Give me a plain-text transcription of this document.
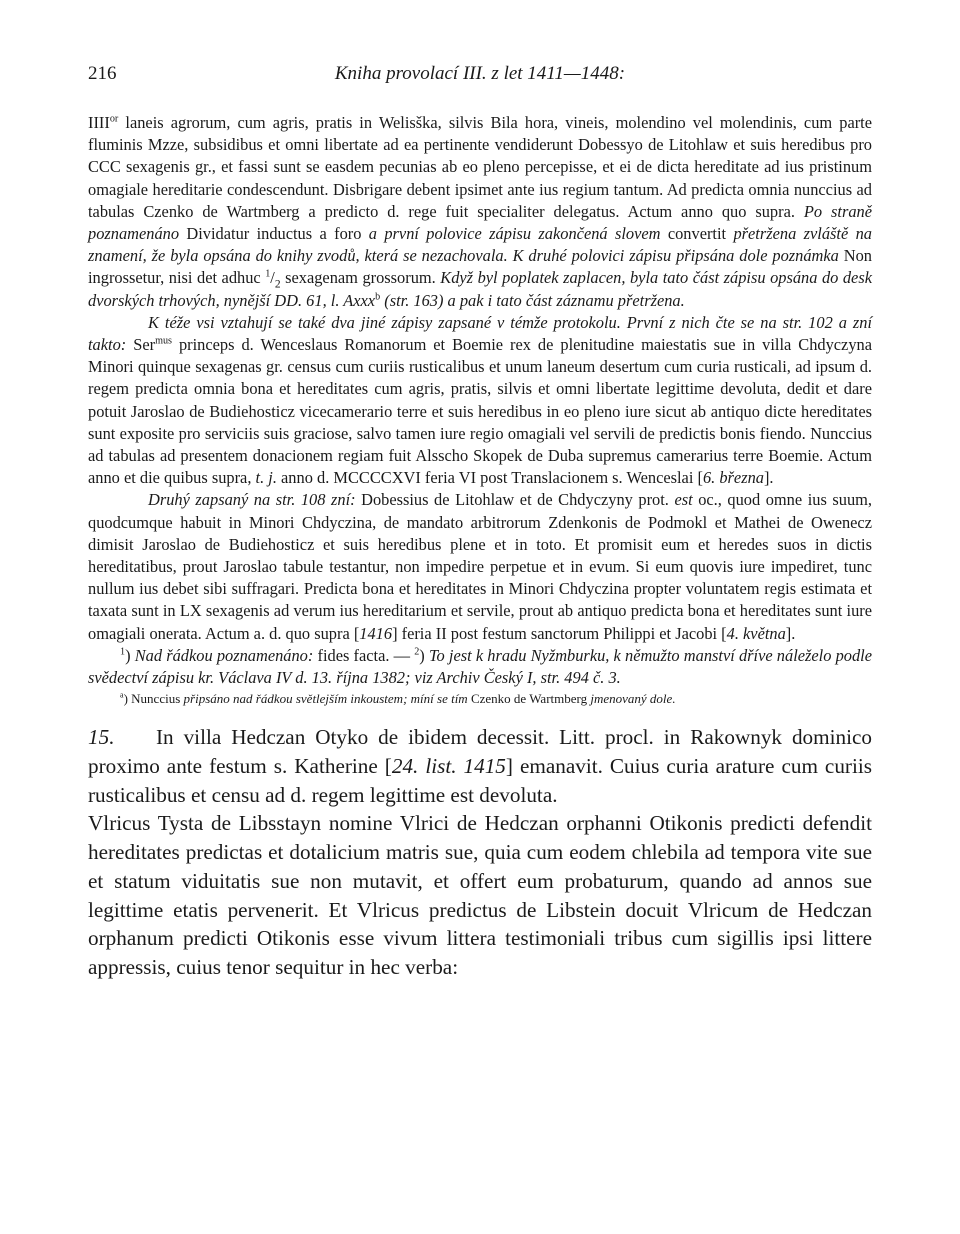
216	Kniha provolací III. z let 1411—1448:

$IIII^{or}$ laneis agrorum, cum agris, pratis in Welisška, silvis Bila hora, vineis, molendino vel molendinis, cum parte fluminis Mzze, subsidibus et omni libertate ad ea pertinente vendiderunt Dobessyo de Litohlaw et suis heredibus pro CCC sexagenis gr., et fassi sunt se easdem pecunias ab eo pleno percepisse, et ei de dicta hereditate ad ius pristinum omagiale hereditarie condescendunt. Disbrigare debent ipsimet ante ius regium tantum. Ad predicta omnia nunccius ad tabulas Czenko de Wartmberg a predicto d. rege fuit specialiter delegatus. Actum anno quo supra. Po straně poznamenáno Dividatur inductus a foro a první polovice zápisu zakončená slovem convertit přetržena zvláště na znamení, že byla opsána do knihy zvodů, která se nezachovala. K druhé polovici zápisu připsána dole poznámka Non ingrossetur, nisi det adhuc $^1/_2$ sexagenam grossorum. Když byl poplatek zaplacen, byla tato část zápisu opsána do desk dvorských trhových, nynější DD. 61, l. Axxx$^b$ (str. 163) a pak i tato část záznamu přetržena.

K téže vsi vztahují se také dva jiné zápisy zapsané v témže protokolu. První z nich čte se na str. 102 a zní takto: Ser$^{mus}$ princeps d. Wenceslaus Romanorum et Boemie rex de plenitudine maiestatis sue in villa Chdyczyna Minori quinque sexagenas gr. census cum curiis rusticalibus et unum laneum desertum cum curia rusticali, ad ipsum d. regem predicta omnia bona et hereditates cum agris, pratis, silvis et omni libertate legittime devoluta, dedit et dare potuit Jaroslao de Budiehosticz vicecamerario terre et suis heredibus in eo pleno iure sicut ab antiquo dicte hereditates sunt exposite pro serviciis suis graciose, salvo tamen iure regio omagiali vel servili de predictis bonis fiendo. Nunccius ad tabulas ad presentem donacionem regiam fuit Alsscho Skopek de Duba supremus camerarius terre Boemie. Actum anno et die quibus supra, t. j. anno d. MCCCCXVI feria VI post Translacionem s. Wenceslai [6. března].

Druhý zapsaný na str. 108 zní: Dobessius de Litohlaw et de Chdyczyny prot. est oc., quod omne ius suum, quodcumque habuit in Minori Chdyczina, de mandato arbitrorum Zdenkonis de Podmokl et Mathei de Owenecz dimisit Jaroslao de Budiehosticz et suis heredibus plene et in toto. Et promisit eum et heredes suos in dictis hereditatibus, prout Jaroslao tabule testantur, non impedire perpetue et in evum. Si eum quovis iure impediret, tunc nullum ius debet sibi suffragari. Predicta bona et hereditates in Minori Chdyczina propter voluntatem regis estimata et taxata sunt in LX sexagenis ad verum ius hereditarium et servile, prout ab antiquo predicta bona et hereditates sunt iure omagiali onerata. Actum a. d. quo supra [1416] feria II post festum sanctorum Philippi et Jacobi [4. května].

$^1$) Nad řádkou poznamenáno: fides facta. — $^2$) To jest k hradu Nyžmburku, k němužto manství dříve náleželo podle svědectví zápisu kr. Václava IV d. 13. října 1382; viz Archiv Český I, str. 494 č. 3.

$^a$) Nunccius připsáno nad řádkou světlejším inkoustem; míní se tím Czenko de Wartmberg jmenovaný dole.

15. In villa Hedczan Otyko de ibidem decessit. Litt. procl. in Rakownyk dominico proximo ante festum s. Katherine [24. list. 1415] emanavit. Cuius curia arature cum curiis rusticalibus et censu ad d. regem legittime est devoluta.

Vlricus Tysta de Libsstayn nomine Vlrici de Hedczan orphanni Otikonis predicti defendit hereditates predictas et dotalicium matris sue, quia cum eodem chlebila ad tempora vite sue et statum viduitatis sue non mutavit, et offert eum probaturum, quando ad annos sue legittime etatis pervenerit. Et Vlricus predictus de Libstein docuit Vlricum de Hedczan orphanum predicti Otikonis esse vivum littera testimoniali tribus cum sigillis ipsi littere appressis, cuius tenor sequitur in hec verba:
